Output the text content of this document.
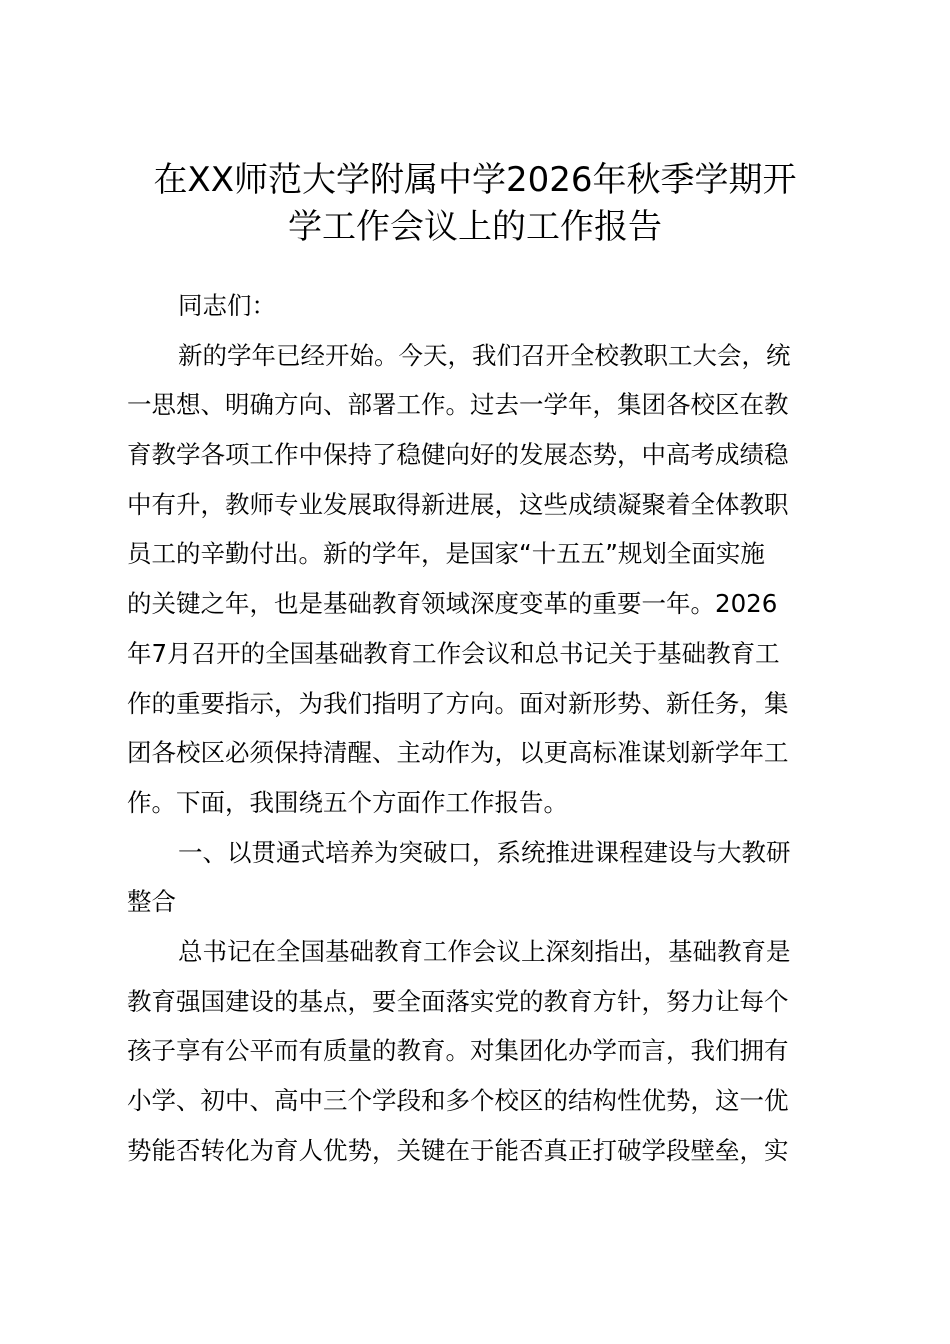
在XX师范大学附属中学2026年秋季学期开
学工作会议上的工作报告
同志们：
新的学年已经开始。今天，我们召开全校教职工大会，统
一思想、明确方向、部署工作。过去一学年，集团各校区在教
育教学各项工作中保持了稳健向好的发展态势，中高考成绩稳
中有升，教师专业发展取得新进展，这些成绩凝聚着全体教职
员工的辛勤付出。新的学年，是国家“十五五”规划全面实施
的关键之年，也是基础教育领域深度变革的重要一年。2026
年7月召开的全国基础教育工作会议和总书记关于基础教育工
作的重要指示，为我们指明了方向。面对新形势、新任务，集
团各校区必须保持清醒、主动作为，以更高标准谋划新学年工
作。下面，我围绕五个方面作工作报告。
一、以贯通式培养为突破口，系统推进课程建设与大教研
整合
总书记在全国基础教育工作会议上深刻指出，基础教育是
教育强国建设的基点，要全面落实党的教育方针，努力让每个
孩子享有公平而有质量的教育。对集团化办学而言，我们拥有
小学、初中、高中三个学段和多个校区的结构性优势，这一优
势能否转化为育人优势，关键在于能否真正打破学段壁垒，实
